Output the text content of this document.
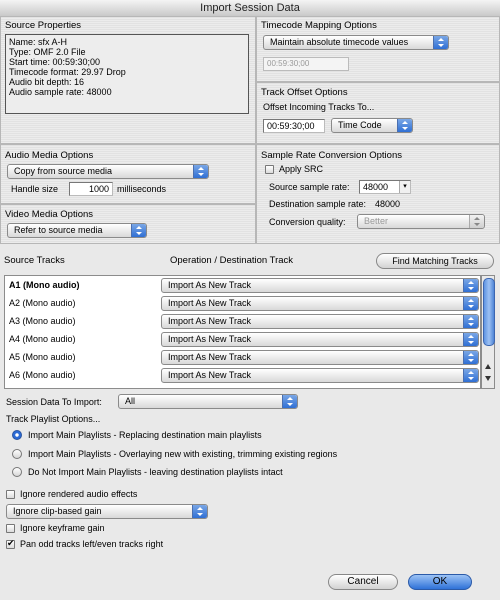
Import Session Data
Source Properties
Name: sfx A-H
Type: OMF 2.0 File
Start time: 00:59:30;00
Timecode format: 29.97 Drop
Audio bit depth: 16
Audio sample rate: 48000
Timecode Mapping Options
Maintain absolute timecode values
00:59:30;00
Track Offset Options
Offset Incoming Tracks To...
00:59:30;00	Time Code
Audio Media Options
Copy from source media
Handle size	1000 milliseconds
Sample Rate Conversion Options
Apply SRC
Source sample rate:	48000	▾
Destination sample rate: 48000
Conversion quality:	Better
Video Media Options
Refer to source media
Source Tracks	Operation / Destination Track	Find Matching Tracks
A1 (Mono audio)	Import As New Track
A2 (Mono audio)	Import As New Track
A3 (Mono audio)	Import As New Track
A4 (Mono audio)	Import As New Track
A5 (Mono audio)	Import As New Track
A6 (Mono audio)	Import As New Track
Session Data To Import:	All
Track Playlist Options...
Import Main Playlists - Replacing destination main playlists
Import Main Playlists - Overlaying new with existing, trimming existing regions
Do Not Import Main Playlists - leaving destination playlists intact
Ignore rendered audio effects
Ignore clip-based gain
Ignore keyframe gain
✔
Pan odd tracks left/even tracks right
Cancel	OK
